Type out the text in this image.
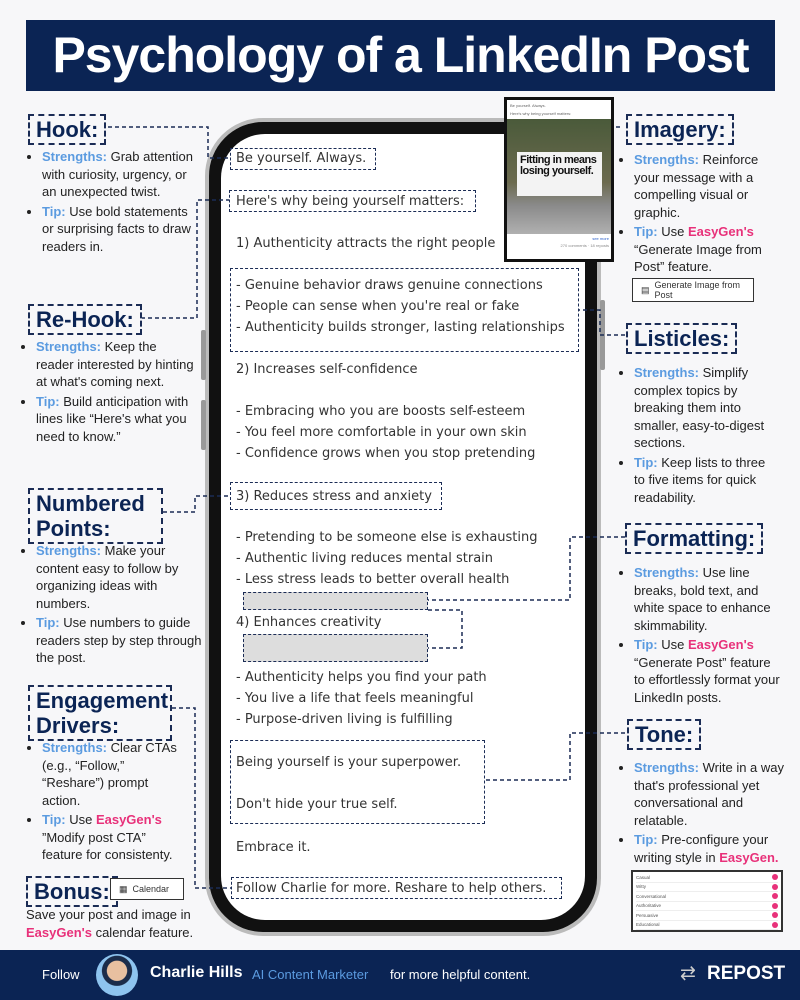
Psychology of a LinkedIn Post
Be yourself. Always.
Here's why being yourself matters:
1) Authenticity attracts the right people
- Genuine behavior draws genuine connections
- People can sense when you're real or fake
- Authenticity builds stronger, lasting relationships
2) Increases self-confidence
- Embracing who you are boosts self-esteem
- You feel more comfortable in your own skin
- Confidence grows when you stop pretending
3) Reduces stress and anxiety
- Pretending to be someone else is exhausting
- Authentic living reduces mental strain
- Less stress leads to better overall health
4) Enhances creativity
- Authenticity helps you find your path
- You live a life that feels meaningful
- Purpose-driven living is fulfilling
Being yourself is your superpower.
Don't hide your true self.
Embrace it.
Follow Charlie for more. Reshare to help others.
Be yourself. Always.
Here's why being yourself matters:
Fitting in means losing yourself.
see more
270 comments · 18 reposts
Hook:
• Strengths: Grab attention with curiosity, urgency, or an unexpected twist.
• Tip: Use bold statements or surprising facts to draw readers in.
Re-Hook:
• Strengths: Keep the reader interested by hinting at what's coming next.
• Tip: Build anticipation with lines like “Here's what you need to know.”
Numbered Points:
• Strengths: Make your content easy to follow by organizing ideas with numbers.
• Tip: Use numbers to guide readers step by step through the post.
Engagement Drivers:
• Strengths: Clear CTAs (e.g., “Follow,” “Reshare”) prompt action.
• Tip: Use EasyGen's ”Modify post CTA” feature for consistenty.
Bonus:	▦ Calendar
Save your post and image in EasyGen's calendar feature.
Imagery:
• Strengths: Reinforce your message with a compelling visual or graphic.
• Tip: Use EasyGen's “Generate Image from Post” feature.
▤ Generate Image from Post
Listicles:
• Strengths: Simplify complex topics by breaking them into smaller, easy-to-digest sections.
• Tip: Keep lists to three to five items for quick readability.
Formatting:
• Strengths: Use line breaks, bold text, and white space to enhance skimmability.
• Tip: Use EasyGen's “Generate Post” feature to effortlessly format your LinkedIn posts.
Tone:
• Strengths: Write in a way that's professional yet conversational and relatable.
• Tip: Pre-configure your writing style in EasyGen.
Casual
Witty
Conversational
Authoritative
Persuasive
Educational
Follow	Charlie Hills AI Content Marketer for more helpful content.	⇄ REPOST
